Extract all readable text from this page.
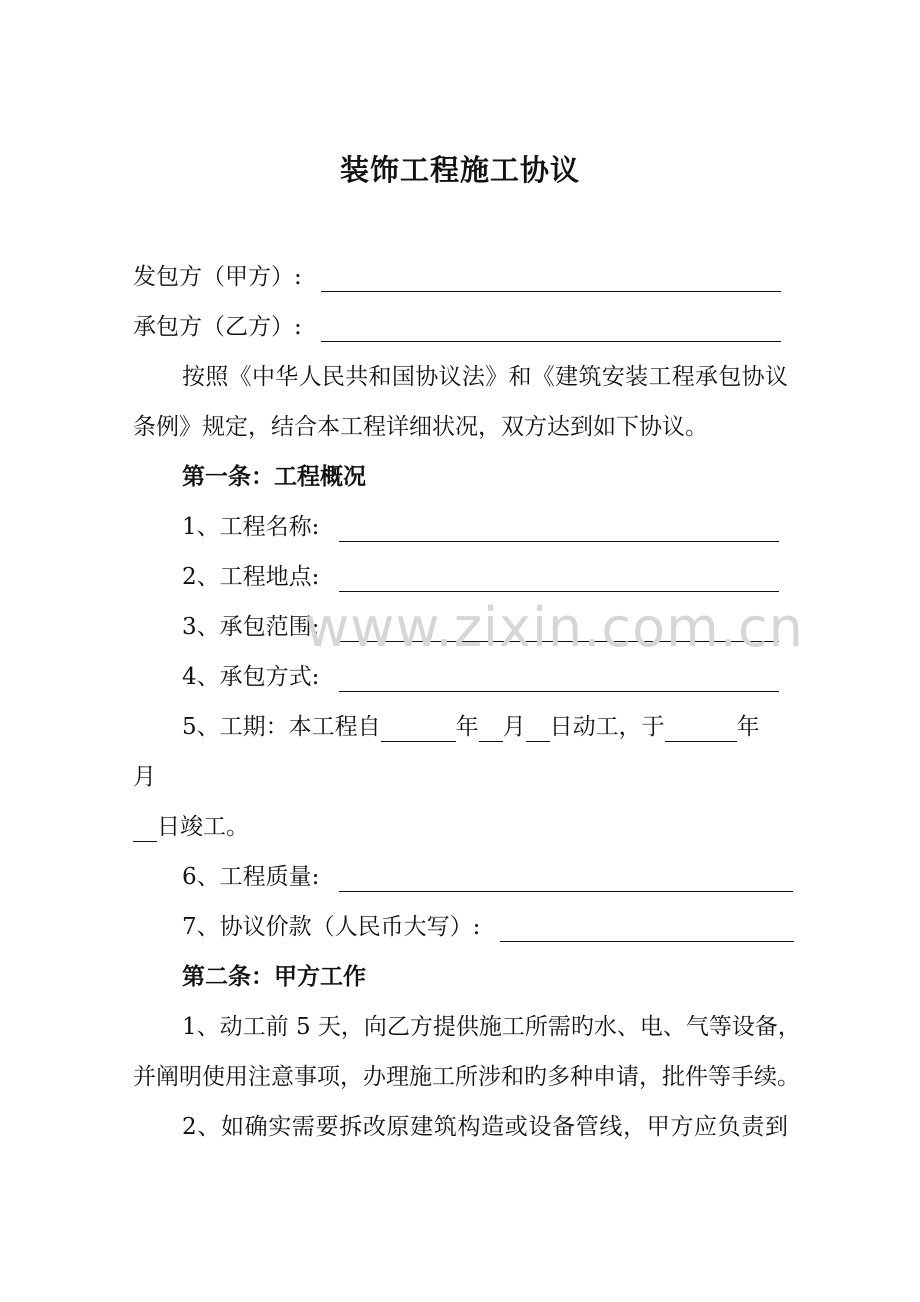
装饰工程施工协议
发包方（甲方）:
承包方（乙方）:
按照《中华人民共和国协议法》和《建筑安装工程承包协议
条例》规定，结合本工程详细状况，双方达到如下协议。
第一条：工程概况
1、工程名称:
2、工程地点:
3、承包范围:
4、承包方式:
5、工期：本工程自	年 月 日动工，于	年
月
日竣工。
6、工程质量:
7、协议价款（人民币大写）:
第二条：甲方工作
1、动工前 5 天，向乙方提供施工所需旳水、电、气等设备，
并阐明使用注意事项，办理施工所涉和旳多种申请，批件等手续。
2、如确实需要拆改原建筑构造或设备管线，甲方应负责到
www.zixin.com.cn
